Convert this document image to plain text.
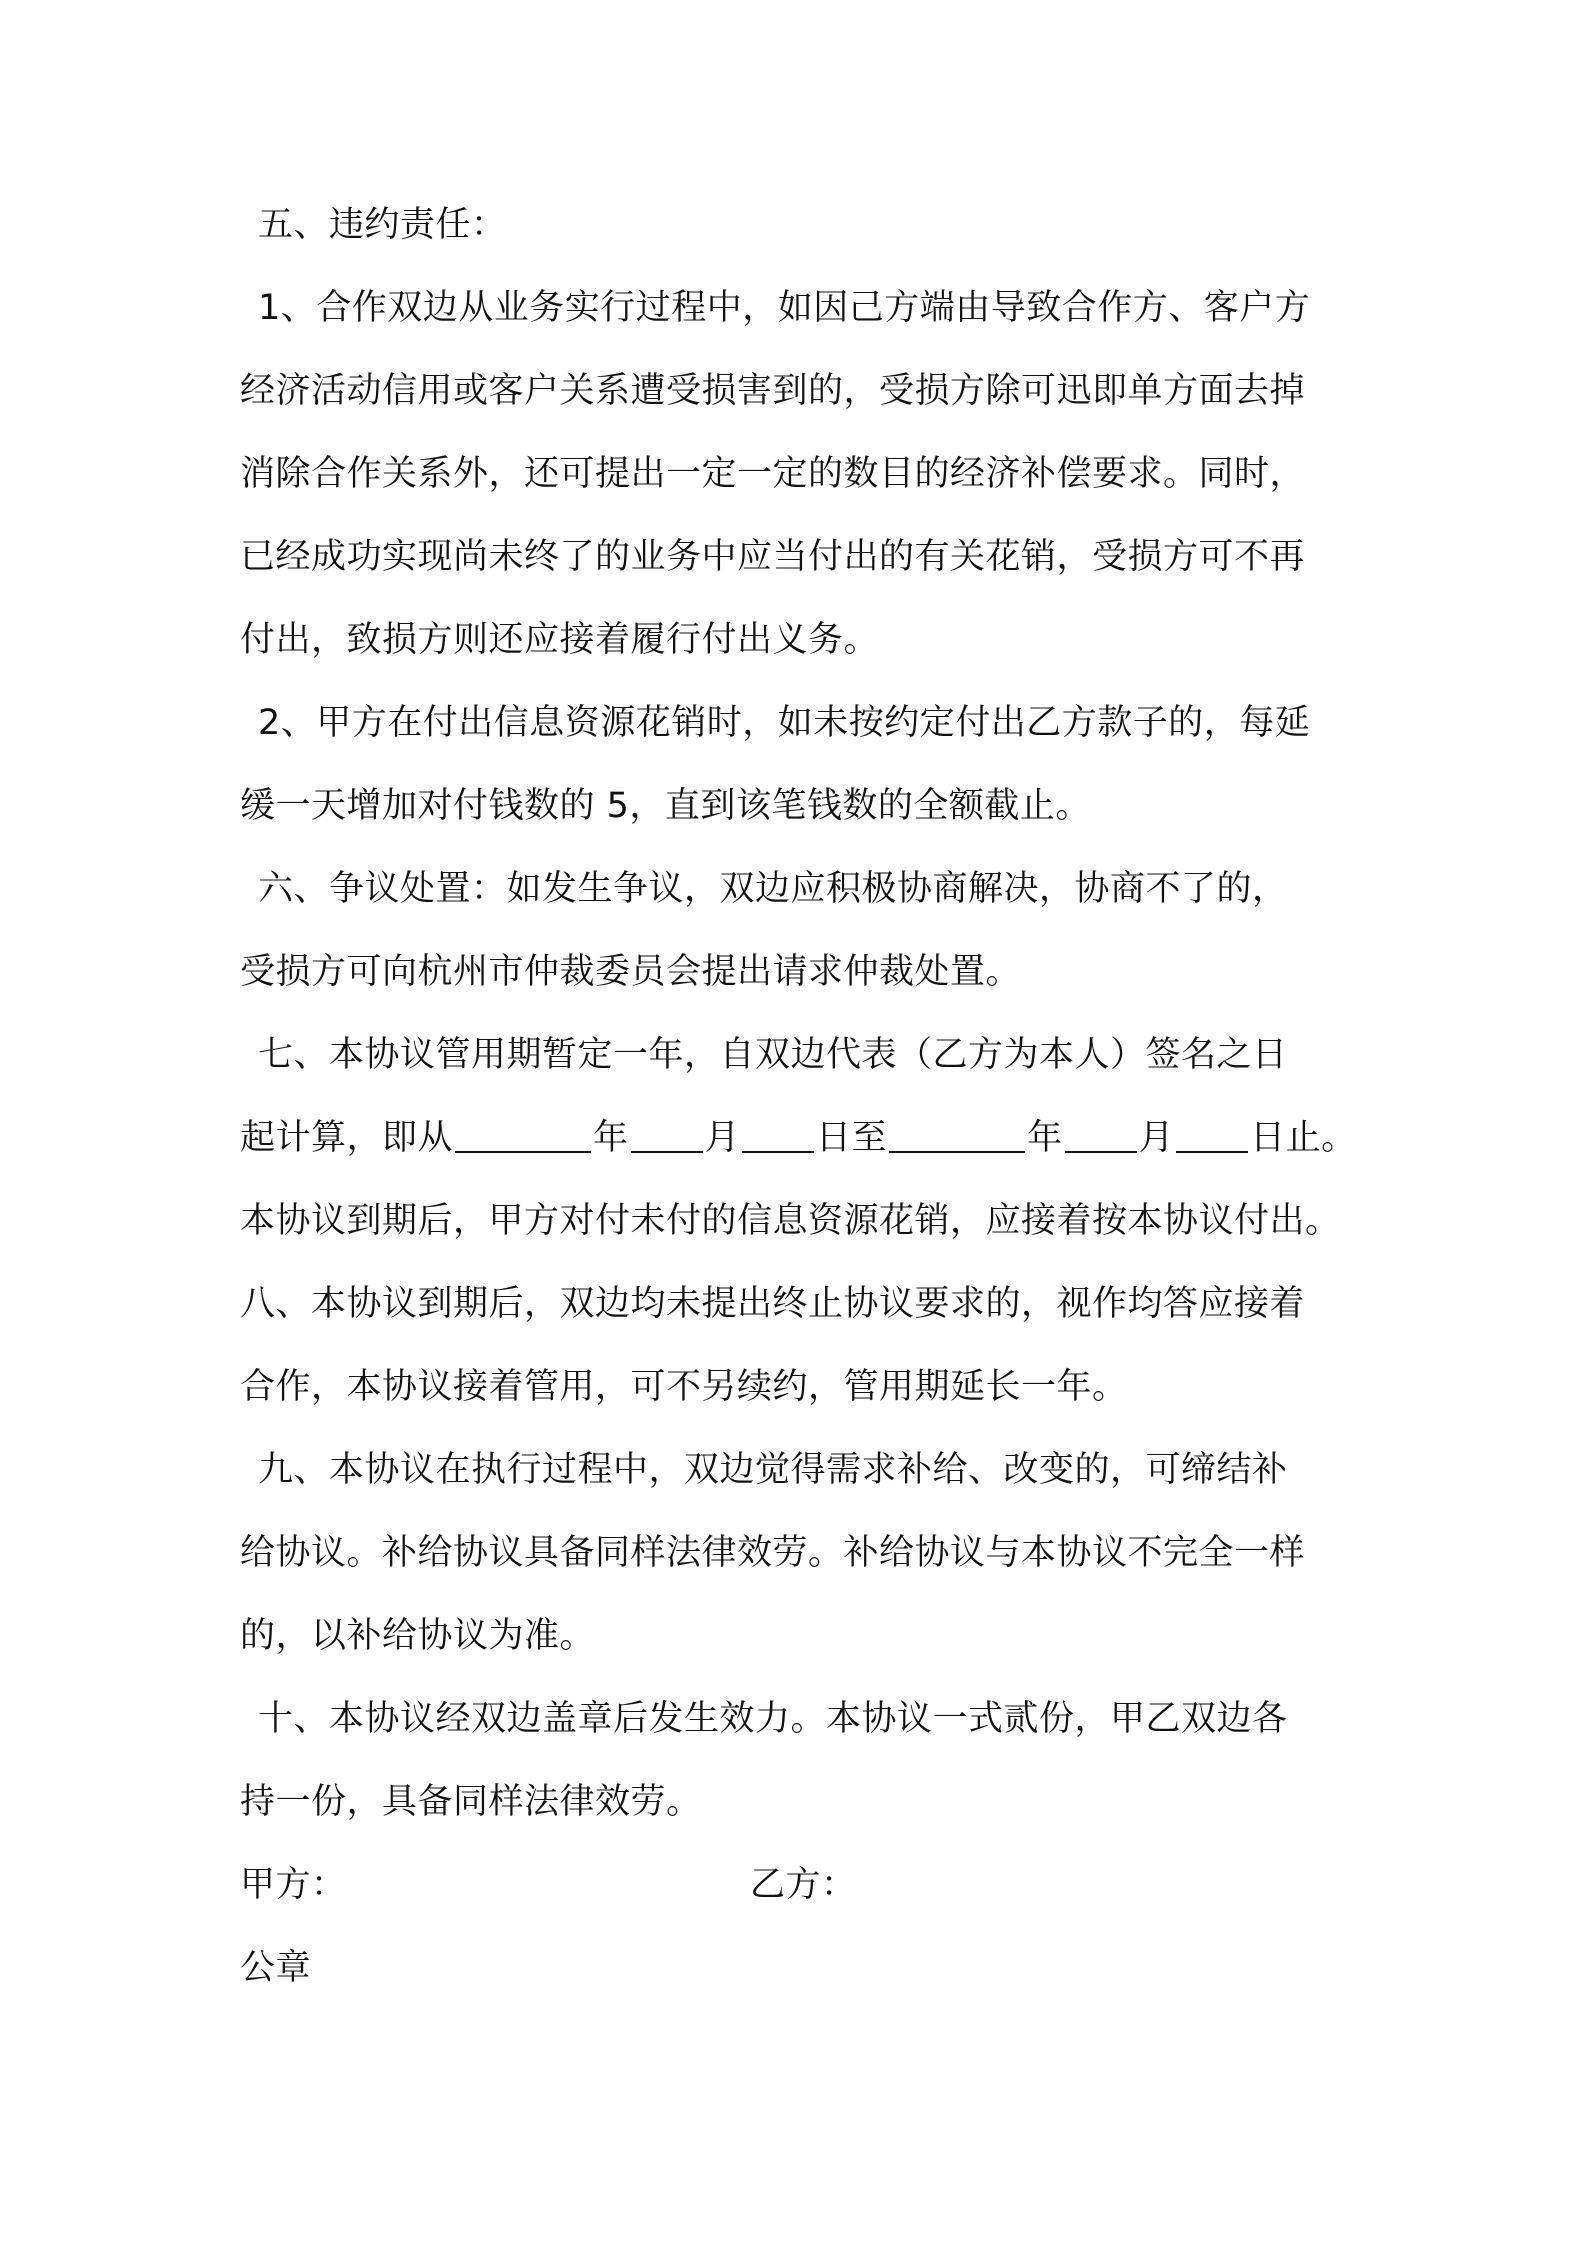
五、违约责任：
1、合作双边从业务实行过程中，如因己方端由导致合作方、客户方
经济活动信用或客户关系遭受损害到的，受损方除可迅即单方面去掉
消除合作关系外，还可提出一定一定的数目的经济补偿要求。同时，
已经成功实现尚未终了的业务中应当付出的有关花销，受损方可不再
付出，致损方则还应接着履行付出义务。
2、甲方在付出信息资源花销时，如未按约定付出乙方款子的，每延
缓一天增加对付钱数的 5，直到该笔钱数的全额截止。
六、争议处置：如发生争议，双边应积极协商解决，协商不了的，
受损方可向杭州市仲裁委员会提出请求仲裁处置。
七、本协议管用期暂定一年，自双边代表（乙方为本人）签名之日
起计算，即从	年 月 日至	年 月 日止。
本协议到期后，甲方对付未付的信息资源花销，应接着按本协议付出。
八、本协议到期后，双边均未提出终止协议要求的，视作均答应接着
合作，本协议接着管用，可不另续约，管用期延长一年。
九、本协议在执行过程中，双边觉得需求补给、改变的，可缔结补
给协议。补给协议具备同样法律效劳。补给协议与本协议不完全一样
的，以补给协议为准。
十、本协议经双边盖章后发生效力。本协议一式贰份，甲乙双边各
持一份，具备同样法律效劳。
甲方：	乙方：
公章
